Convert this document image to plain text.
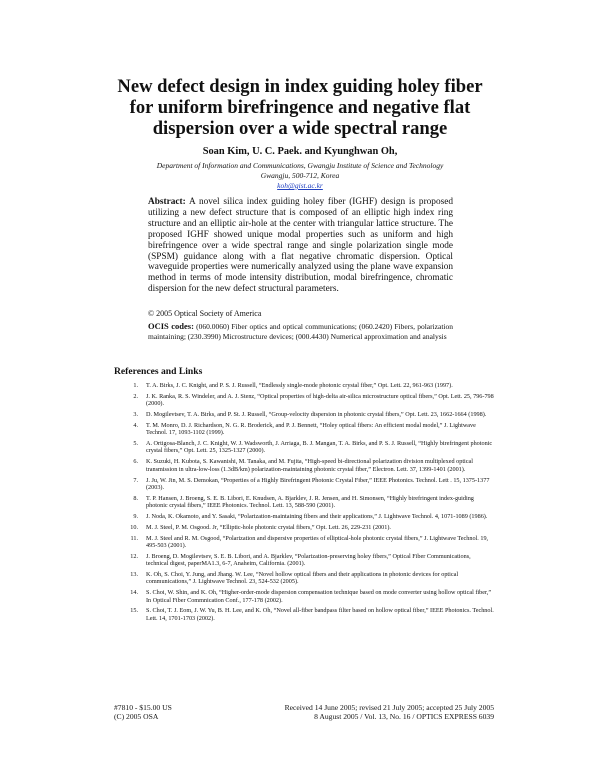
New defect design in index guiding holey fiber
for uniform birefringence and negative flat
dispersion over a wide spectral range
Soan Kim, U. C. Paek. and Kyunghwan Oh,
Department of Information and Communications, Gwangju Institute of Science and Technology
Gwangju, 500-712, Korea
koh@gist.ac.kr
Abstract: A novel silica index guiding holey fiber (IGHF) design is proposed utilizing a new defect structure that is composed of an elliptic high index ring structure and an elliptic air-hole at the center with triangular lattice structure. The proposed IGHF showed unique modal properties such as uniform and high birefringence over a wide spectral range and single polarization single mode (SPSM) guidance along with a flat negative chromatic dispersion. Optical waveguide properties were numerically analyzed using the plane wave expansion method in terms of mode intensity distribution, modal birefringence, chromatic dispersion for the new defect structural parameters.
© 2005 Optical Society of America
OCIS codes: (060.0060) Fiber optics and optical communications; (060.2420) Fibers, polarization maintaining; (230.3990) Microstructure devices; (000.4430) Numerical approximation and analysis
References and Links
1.	T. A. Birks, J. C. Knight, and P. S. J. Russell, “Endlessly single-mode photonic crystal fiber,” Opt. Lett. 22, 961-963 (1997).
2.	J. K. Ranka, R. S. Windeler, and A. J. Stenz, “Optical properties of high-delta air-silica microstructure optical fibers,” Opt. Lett. 25, 796-798 (2000).
3.	D. Mogilevtsev, T. A. Birks, and P. St. J. Russell, “Group-velocity dispersion in photonic crystal fibers,” Opt. Lett. 23, 1662-1664 (1998).
4.	T. M. Monro, D. J. Richardson, N. G. R. Broderick, and P. J. Bennett, “Holey optical fibers: An efficient modal model,” J. Lightwave Technol. 17, 1093-1102 (1999).
5.	A. Ortigosa-Blanch, J. C. Knight, W. J. Wadsworth, J. Arriaga, B. J. Mangan, T. A. Birks, and P. S. J. Russell, “Highly birefringent photonic crystal fibers,” Opt. Lett. 25, 1325-1327 (2000).
6.	K. Suzuki, H. Kubota, S. Kawanishi, M. Tanaka, and M. Fujita, “High-speed bi-directional polarization division multiplexed optical transmission in ultra-low-loss (1.3dB/km) polarization-maintaining photonic crystal fiber,” Electron. Lett. 37, 1399-1401 (2001).
7.	J. Ju, W. Jin, M. S. Demokan, “Properties of a Highly Birefringent Photonic Crystal Fiber,” IEEE Photonics. Technol. Lett . 15, 1375-1377 (2003).
8.	T. P. Hansen, J. Broeng, S. E. B. Libori, E. Knudsen, A. Bjarklev, J. R. Jensen, and H. Simonsen, “Highly birefringent index-guiding photonic crystal fibers,” IEEE Photonics. Technol. Lett. 13, 588-590 (2001).
9.	J. Noda, K. Okamoto, and Y. Sasaki, “Polarization-maintaining fibers and their applications,” J. Lightwave Technol. 4, 1071-1089 (1986).
10.	M. J. Steel, P. M. Osgood. Jr, “Elliptic-hole photonic crystal fibers,” Opt. Lett. 26, 229-231 (2001).
11.	M. J. Steel and R. M. Osgood, “Polarization and dispersive properties of elliptical-hole photonic crystal fibers,” J. Lightwave Technol. 19, 495-503 (2001).
12.	J. Broeng, D. Mogilevtsev, S. E. B. Libori, and A. Bjarklev, “Polarization-preserving holey fibers,” Optical Fiber Communications, technical digest, paperMA1.3, 6-7, Anaheim, California. (2001).
13.	K. Oh, S. Choi, Y. Jung, and Jhang. W. Lee, “Novel hollow optical fibers and their applications in photonic devices for optical communications,” J. Lightwave Technol. 23, 524-532 (2005).
14.	S. Choi, W. Shin, and K. Oh, “Higher-order-mode dispersion compensation technique based on mode converter using hollow optical fiber,” In Optical Fiber Commnication Conf., 177-178 (2002).
15.	S. Choi, T. J. Eom, J. W. Yu, B. H. Lee, and K. Oh, “Novel all-fiber bandpass filter based on hollow optical fiber,” IEEE Photonics. Technol. Lett. 14, 1701-1703 (2002).
#7810 - $15.00 US
(C) 2005 OSA
Received 14 June 2005; revised 21 July 2005; accepted 25 July 2005
8 August 2005 / Vol. 13, No. 16 / OPTICS EXPRESS 6039
